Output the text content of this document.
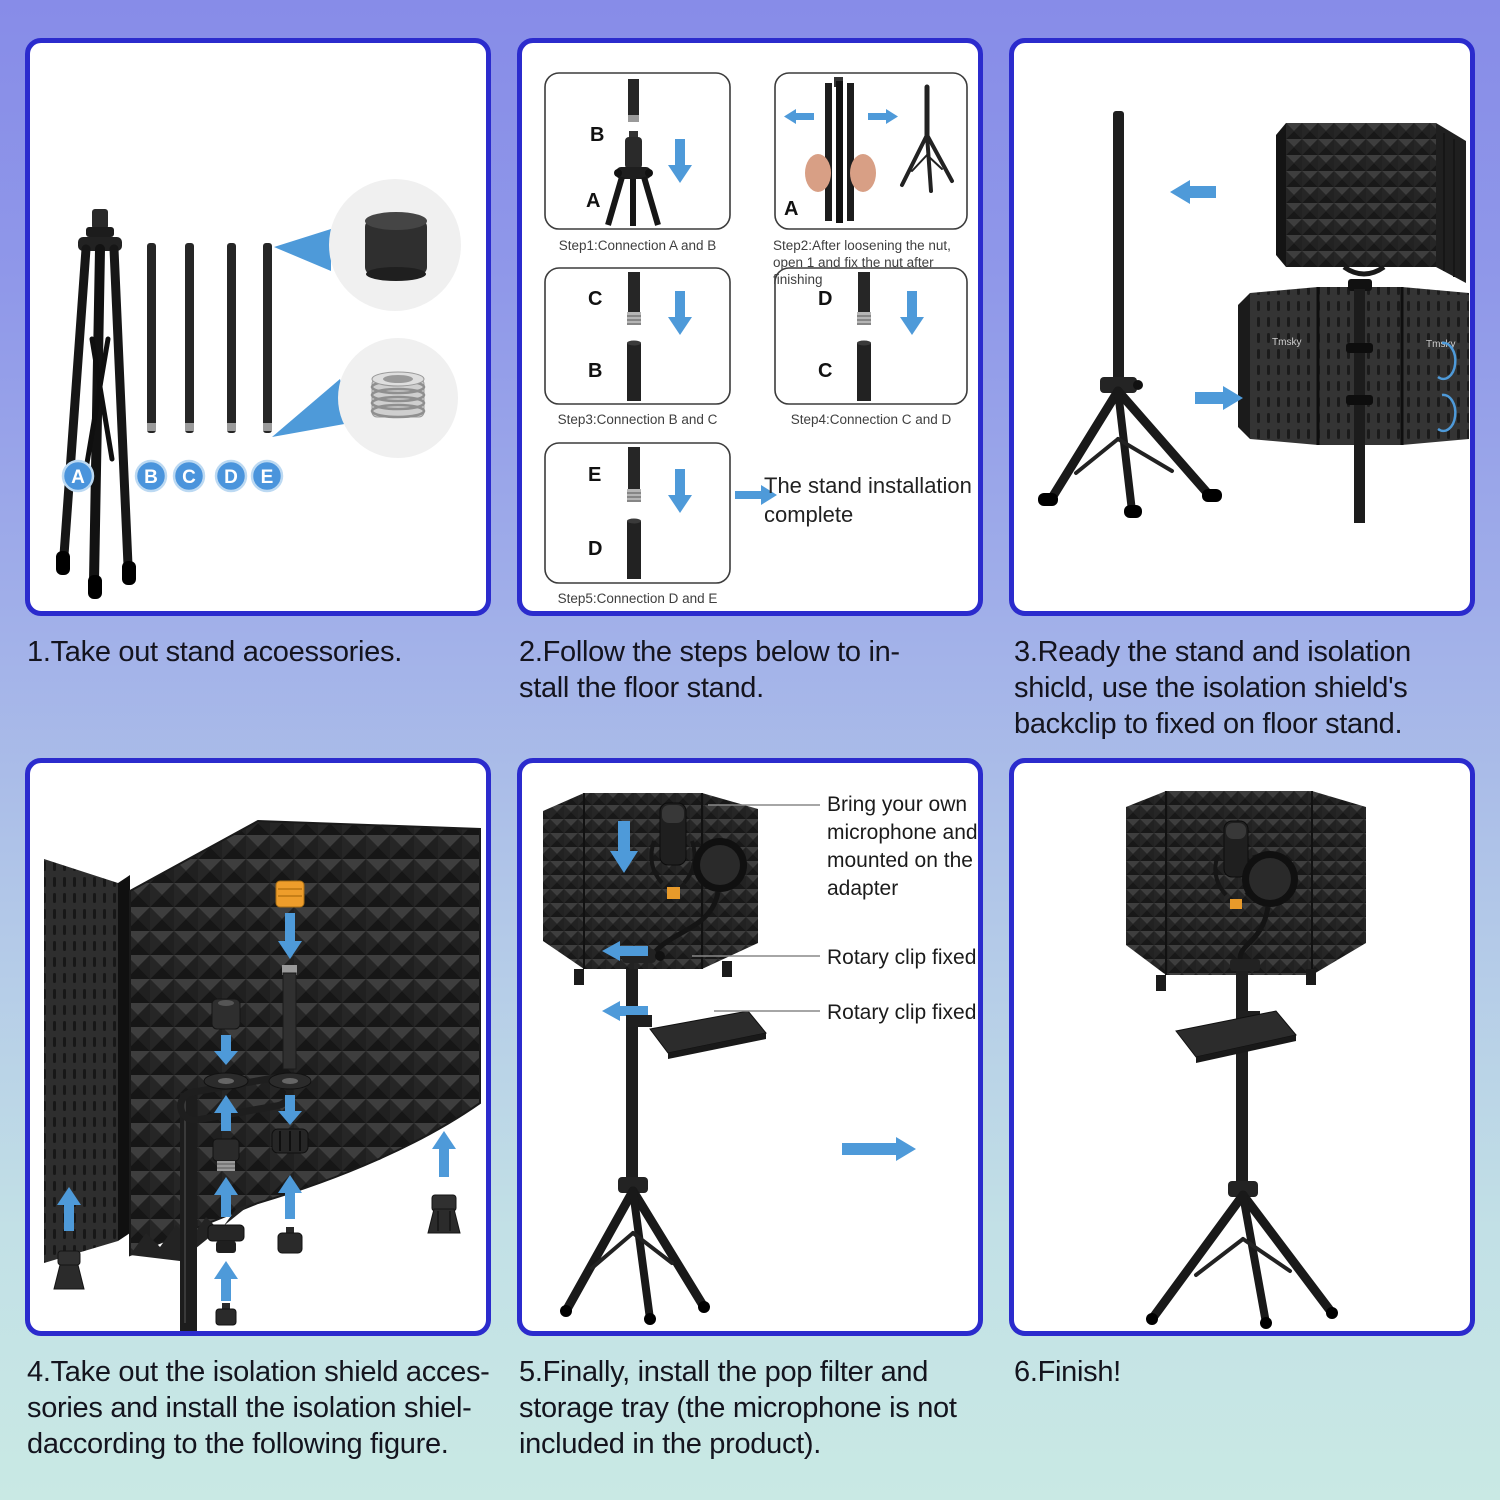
A	B C D E
1.Take out stand acoessories.
B
A	A
C
B
D
C
E
D
Step1:Connection A and B	Step2:After loosening the nut, open 1 and fix the nut after finishing
Step3:Connection B and C	Step4:Connection C and D
Step5:Connection D and E
The stand installation complete
2.Follow the steps below to in-
stall the floor stand.
Tmsky	Tmsky
3.Ready the stand and isolation
shicld, use the isolation shield's
backclip to fixed on floor stand.
4.Take out the isolation shield acces-
sories and install the isolation shiel-
daccording to the following figure.
Bring your own microphone and mounted on the adapter
Rotary clip fixed
Rotary clip fixed
5.Finally, install the pop filter and
storage tray (the microphone is not
included in the product).
6.Finish!
